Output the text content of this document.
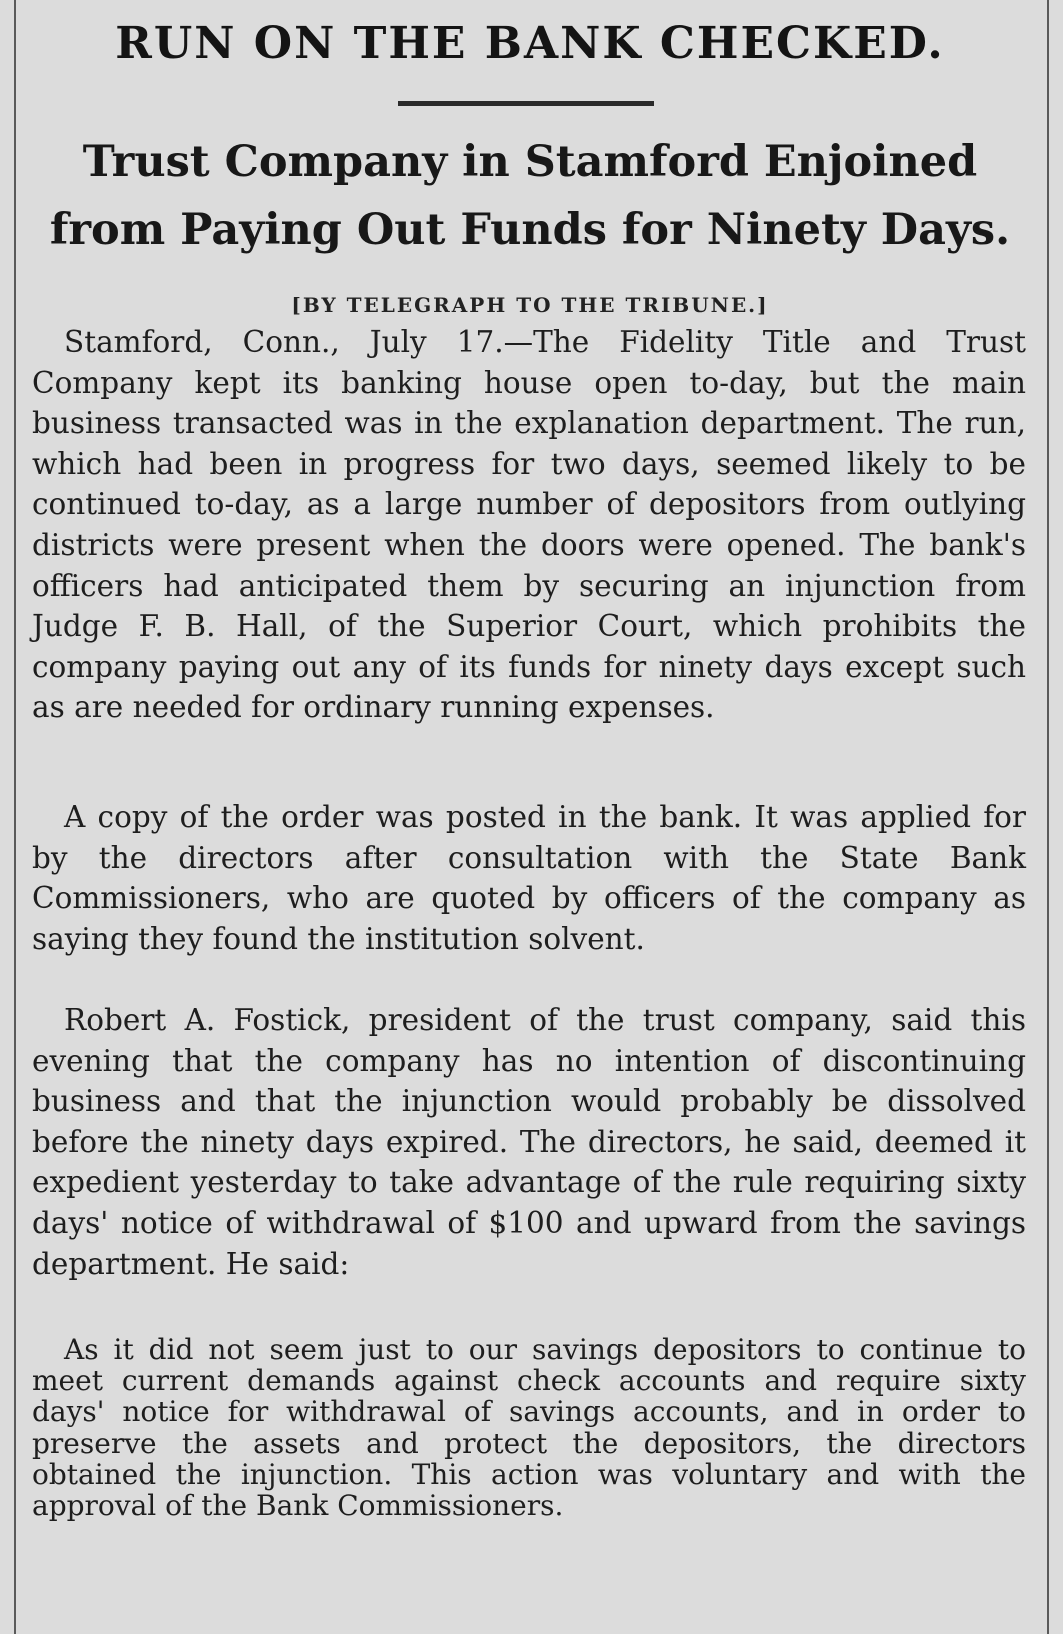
RUN ON THE BANK CHECKED.
Trust Company in Stamford Enjoined from Paying Out Funds for Ninety Days.
[BY TELEGRAPH TO THE TRIBUNE.]

Stamford, Conn., July 17.—The Fidelity Title and Trust Company kept its banking house open to-day, but the main business transacted was in the explanation department. The run, which had been in progress for two days, seemed likely to be continued to-day, as a large number of depositors from outlying districts were present when the doors were opened. The bank's officers had anticipated them by securing an injunction from Judge F. B. Hall, of the Superior Court, which prohibits the company paying out any of its funds for ninety days except such as are needed for ordinary running expenses.

A copy of the order was posted in the bank. It was applied for by the directors after consultation with the State Bank Commissioners, who are quoted by officers of the company as saying they found the institution solvent.

Robert A. Fostick, president of the trust company, said this evening that the company has no intention of discontinuing business and that the injunction would probably be dissolved before the ninety days expired. The directors, he said, deemed it expedient yesterday to take advantage of the rule requiring sixty days' notice of withdrawal of $100 and upward from the savings department. He said:

As it did not seem just to our savings depositors to continue to meet current demands against check accounts and require sixty days' notice for withdrawal of savings accounts, and in order to preserve the assets and protect the depositors, the directors obtained the injunction. This action was voluntary and with the approval of the Bank Commissioners.
